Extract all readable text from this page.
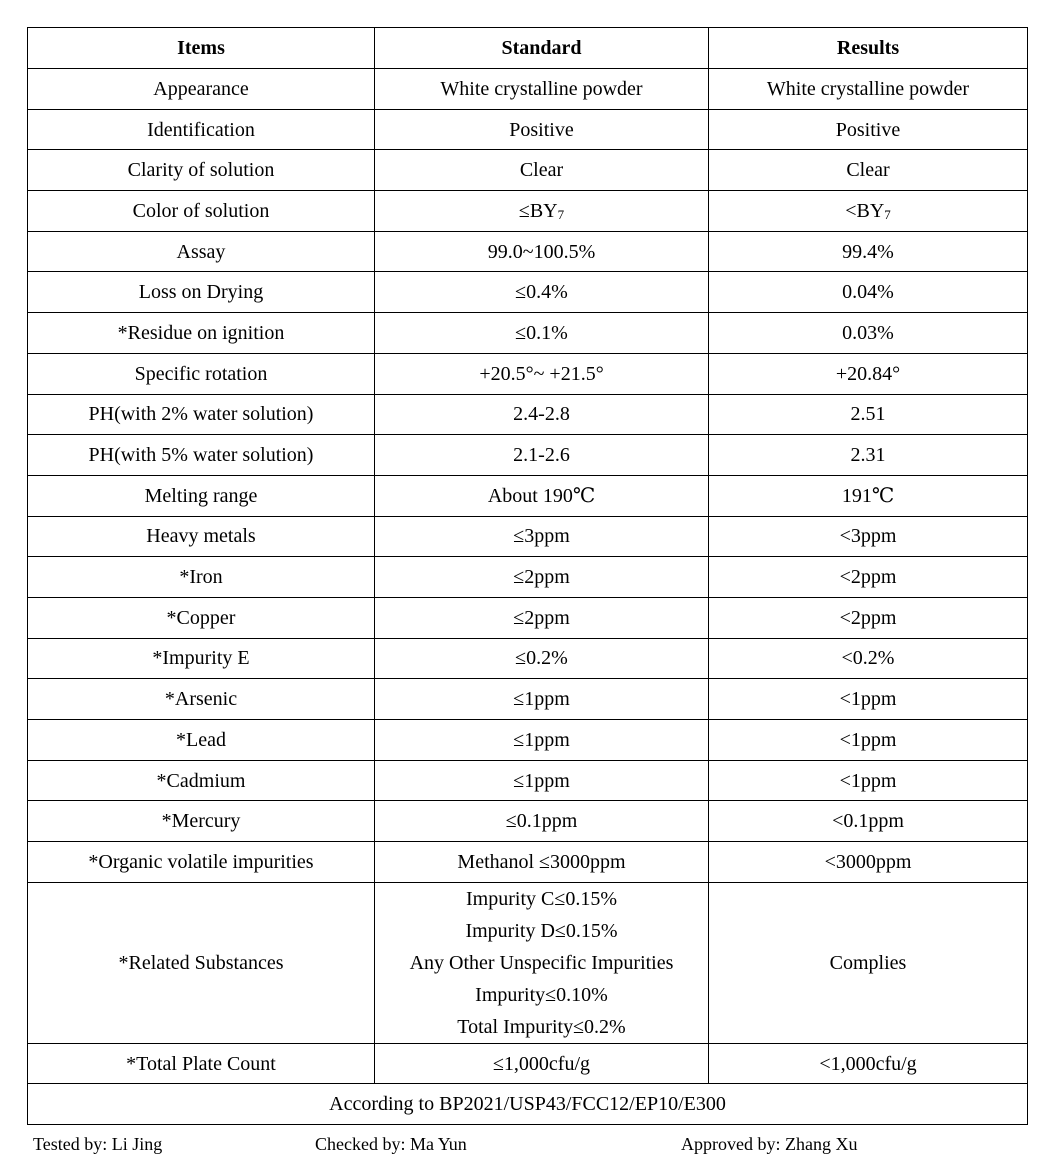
Items	Standard	Results
Appearance	White crystalline powder	White crystalline powder
Identification	Positive	Positive
Clarity of solution	Clear	Clear
Color of solution	$\le BY_7$	$<BY_7$
Assay	99.0~100.5%	99.4%
Loss on Drying	≤0.4%	0.04%
*Residue on ignition	≤0.1%	0.03%
Specific rotation	+20.5°~ +21.5°	+20.84°
PH(with 2% water solution)	2.4-2.8	2.51
PH(with 5% water solution)	2.1-2.6	2.31
Melting range	About 190℃	191℃
Heavy metals	≤3ppm	<3ppm
*Iron	≤2ppm	<2ppm
*Copper	≤2ppm	<2ppm
*Impurity E	≤0.2%	<0.2%
*Arsenic	≤1ppm	<1ppm
*Lead	≤1ppm	<1ppm
*Cadmium	≤1ppm	<1ppm
*Mercury	≤0.1ppm	<0.1ppm
*Organic volatile impurities	Methanol ≤3000ppm	<3000ppm
*Related Substances	Impurity C≤0.15%
Impurity D≤0.15%
Any Other Unspecific Impurities
Impurity≤0.10%
Total Impurity≤0.2%	Complies
*Total Plate Count	≤1,000cfu/g	<1,000cfu/g
According to BP2021/USP43/FCC12/EP10/E300		
Tested by: Li Jing	Checked by: Ma Yun	Approved by: Zhang Xu
